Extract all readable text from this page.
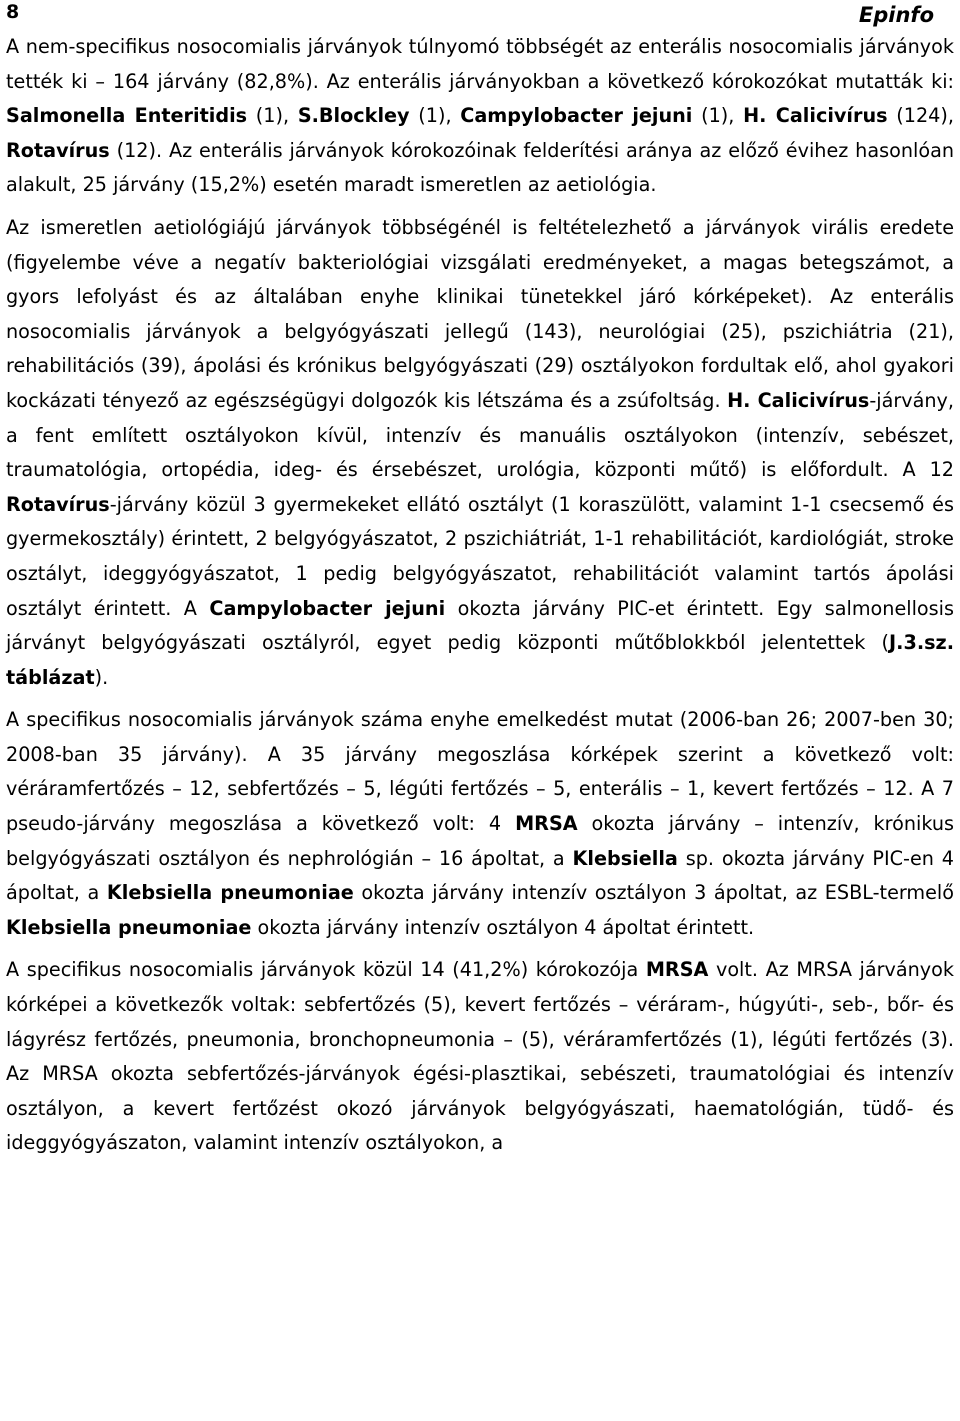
8	Epinfo

A nem-specifikus nosocomialis járványok túlnyomó többségét az enterális nosocomialis járványok tették ki – 164 járvány (82,8%). Az enterális járványokban a következő kórokozókat mutatták ki: Salmonella Enteritidis (1), S.Blockley (1), Campylobacter jejuni (1), H. Calicivírus (124), Rotavírus (12). Az enterális járványok kórokozóinak felderítési aránya az előző évihez hasonlóan alakult, 25 járvány (15,2%) esetén maradt ismeretlen az aetiológia.

Az ismeretlen aetiológiájú járványok többségénél is feltételezhető a járványok virális eredete (figyelembe véve a negatív bakteriológiai vizsgálati eredményeket, a magas betegszámot, a gyors lefolyást és az általában enyhe klinikai tünetekkel járó kórképeket). Az enterális nosocomialis járványok a belgyógyászati jellegű (143), neurológiai (25), pszichiátria (21), rehabilitációs (39), ápolási és krónikus belgyógyászati (29) osztályokon fordultak elő, ahol gyakori kockázati tényező az egészségügyi dolgozók kis létszáma és a zsúfoltság. H. Calicivírus-járvány, a fent említett osztályokon kívül, intenzív és manuális osztályokon (intenzív, sebészet, traumatológia, ortopédia, ideg- és érsebészet, urológia, központi műtő) is előfordult. A 12 Rotavírus-járvány közül 3 gyermekeket ellátó osztályt (1 koraszülött, valamint 1-1 csecsemő és gyermekosztály) érintett, 2 belgyógyászatot, 2 pszichiátriát, 1-1 rehabilitációt, kardiológiát, stroke osztályt, ideggyógyászatot, 1 pedig belgyógyászatot, rehabilitációt valamint tartós ápolási osztályt érintett. A Campylobacter jejuni okozta járvány PIC-et érintett. Egy salmonellosis járványt belgyógyászati osztályról, egyet pedig központi műtőblokkból jelentettek (J.3.sz. táblázat).

A specifikus nosocomialis járványok száma enyhe emelkedést mutat (2006-ban 26; 2007-ben 30; 2008-ban 35 járvány). A 35 járvány megoszlása kórképek szerint a következő volt: véráramfertőzés – 12, sebfertőzés – 5, légúti fertőzés – 5, enterális – 1, kevert fertőzés – 12. A 7 pseudo-járvány megoszlása a következő volt: 4 MRSA okozta járvány – intenzív, krónikus belgyógyászati osztályon és nephrológián – 16 ápoltat, a Klebsiella sp. okozta járvány PIC-en 4 ápoltat, a Klebsiella pneumoniae okozta járvány intenzív osztályon 3 ápoltat, az ESBL-termelő Klebsiella pneumoniae okozta járvány intenzív osztályon 4 ápoltat érintett.

A specifikus nosocomialis járványok közül 14 (41,2%) kórokozója MRSA volt. Az MRSA járványok kórképei a következők voltak: sebfertőzés (5), kevert fertőzés – véráram-, húgyúti-, seb-, bőr- és lágyrész fertőzés, pneumonia, bronchopneumonia – (5), véráramfertőzés (1), légúti fertőzés (3). Az MRSA okozta sebfertőzés-járványok égési-plasztikai, sebészeti, traumatológiai és intenzív osztályon, a kevert fertőzést okozó járványok belgyógyászati, haematológián, tüdő- és ideggyógyászaton, valamint intenzív osztályokon, a
